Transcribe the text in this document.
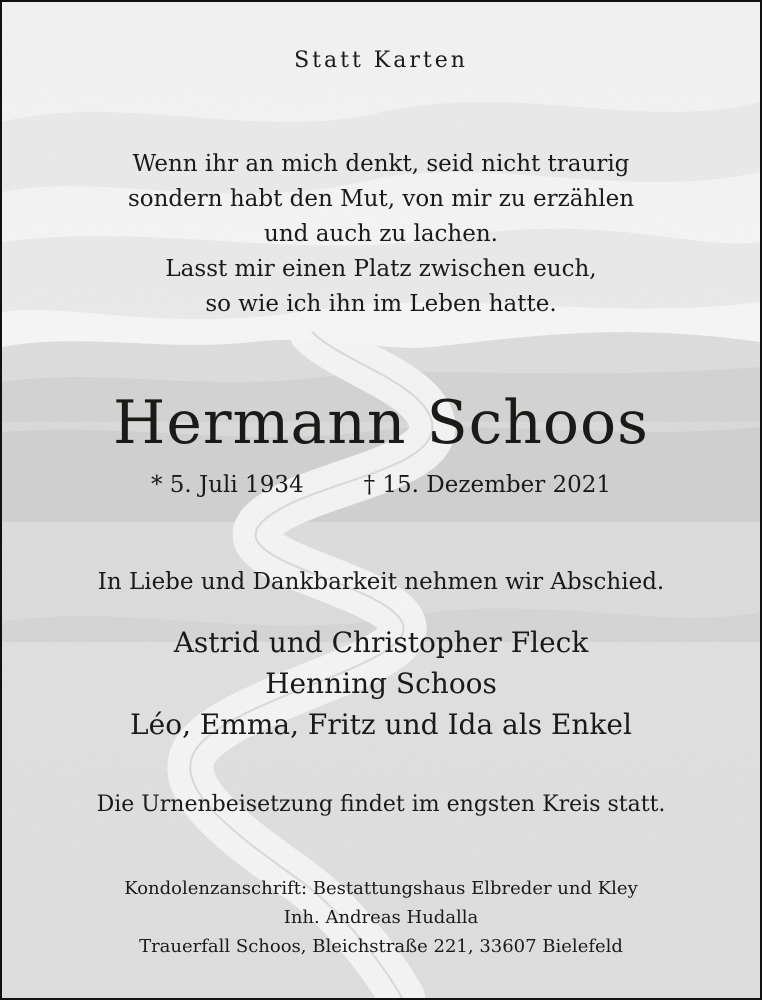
Statt Karten
Wenn ihr an mich denkt, seid nicht traurig
sondern habt den Mut, von mir zu erzählen
und auch zu lachen.
Lasst mir einen Platz zwischen euch,
so wie ich ihn im Leben hatte.
Hermann Schoos
* 5. Juli 1934	† 15. Dezember 2021
In Liebe und Dankbarkeit nehmen wir Abschied.
Astrid und Christopher Fleck
Henning Schoos
Léo, Emma, Fritz und Ida als Enkel
Die Urnenbeisetzung findet im engsten Kreis statt.
Kondolenzanschrift: Bestattungshaus Elbreder und Kley
Inh. Andreas Hudalla
Trauerfall Schoos, Bleichstraße 221, 33607 Bielefeld
